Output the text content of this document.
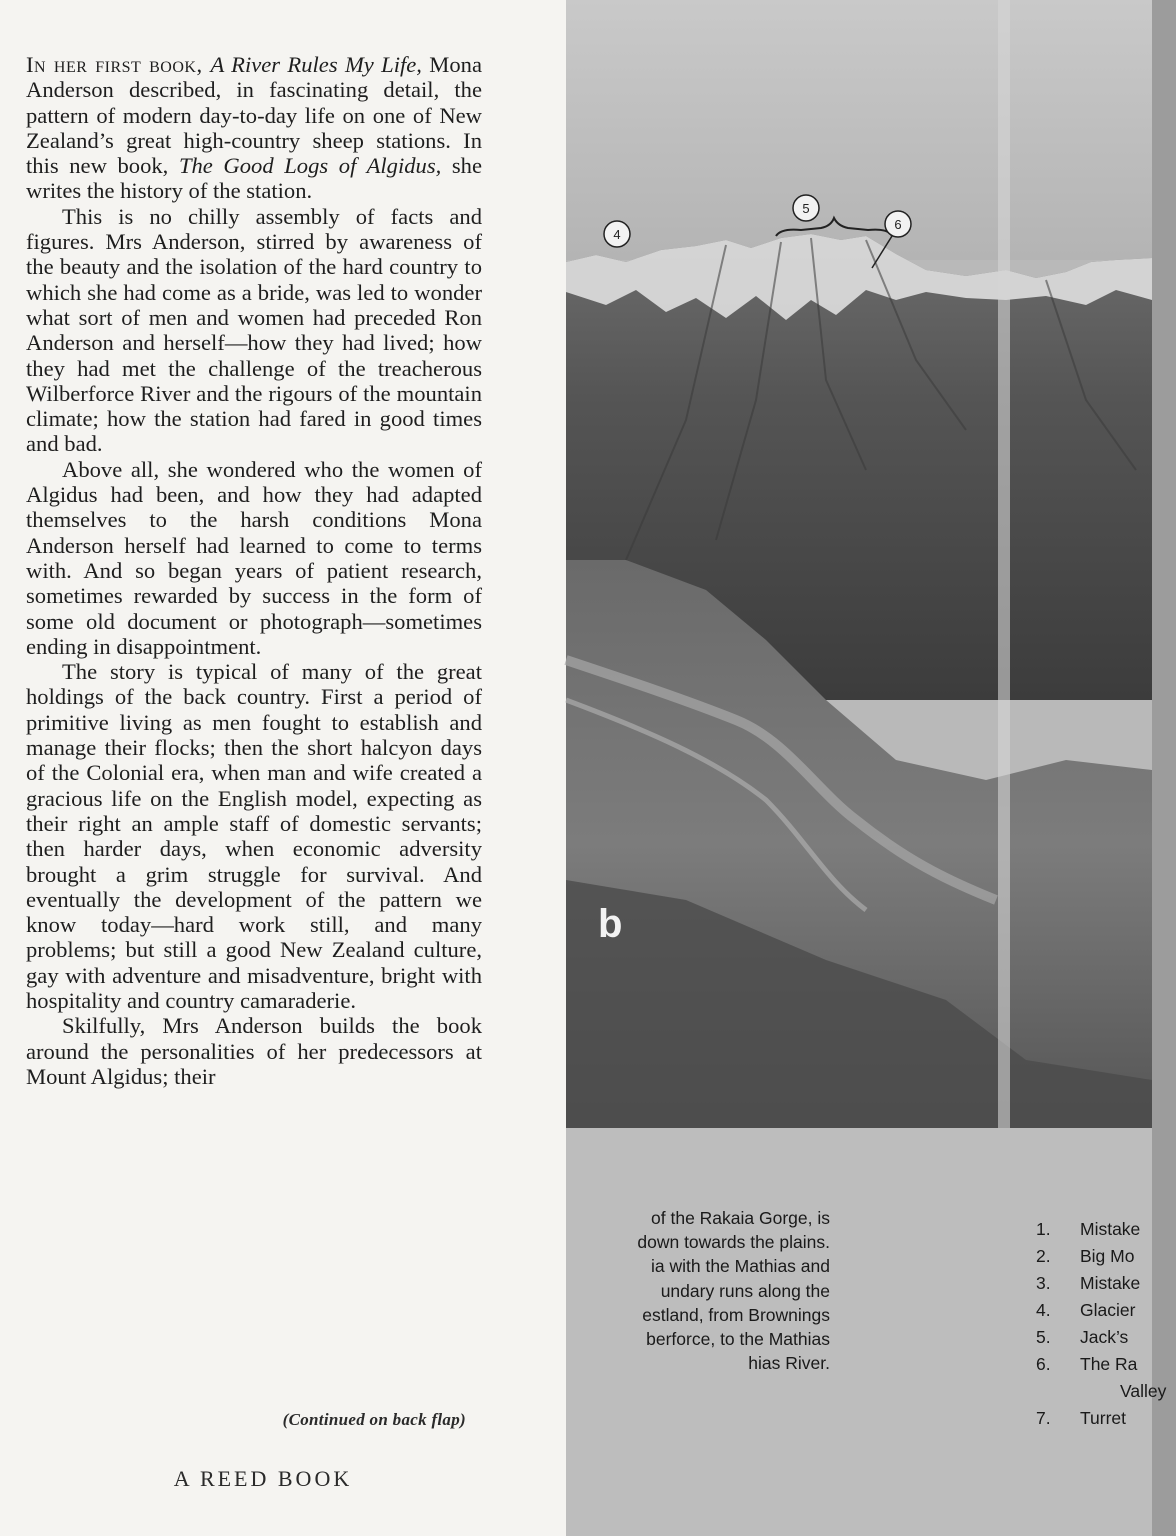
In her first book, A River Rules My Life, Mona Anderson described, in fascinating detail, the pattern of modern day-to-day life on one of New Zealand’s great high-country sheep stations. In this new book, The Good Logs of Algidus, she writes the history of the station.

This is no chilly assembly of facts and figures. Mrs Anderson, stirred by awareness of the beauty and the isolation of the hard country to which she had come as a bride, was led to wonder what sort of men and women had preceded Ron Anderson and herself—how they had lived; how they had met the challenge of the treacherous Wilberforce River and the rigours of the mountain climate; how the station had fared in good times and bad.

Above all, she wondered who the women of Algidus had been, and how they had adapted themselves to the harsh conditions Mona Anderson herself had learned to come to terms with. And so began years of patient research, sometimes rewarded by success in the form of some old document or photograph—sometimes ending in disappointment.

The story is typical of many of the great holdings of the back country. First a period of primitive living as men fought to establish and manage their flocks; then the short halcyon days of the Colonial era, when man and wife created a gracious life on the English model, expecting as their right an ample staff of domestic servants; then harder days, when economic adversity brought a grim struggle for survival. And eventually the development of the pattern we know today—hard work still, and many problems; but still a good New Zealand culture, gay with adventure and misadventure, bright with hospitality and country camaraderie.

Skilfully, Mrs Anderson builds the book around the personalities of her predecessors at Mount Algidus; their

(Continued on back flap)
A REED BOOK
4
5
6
b
of the Rakaia Gorge, is
down towards the plains.
ia with the Mathias and
undary runs along the
estland, from Brownings
berforce, to the Mathias
hias River.
1.	Mistake
2.	Big Mo
3.	Mistake
4.	Glacier
5.	Jack’s
6.	The Ra
Valley
7.	Turret
